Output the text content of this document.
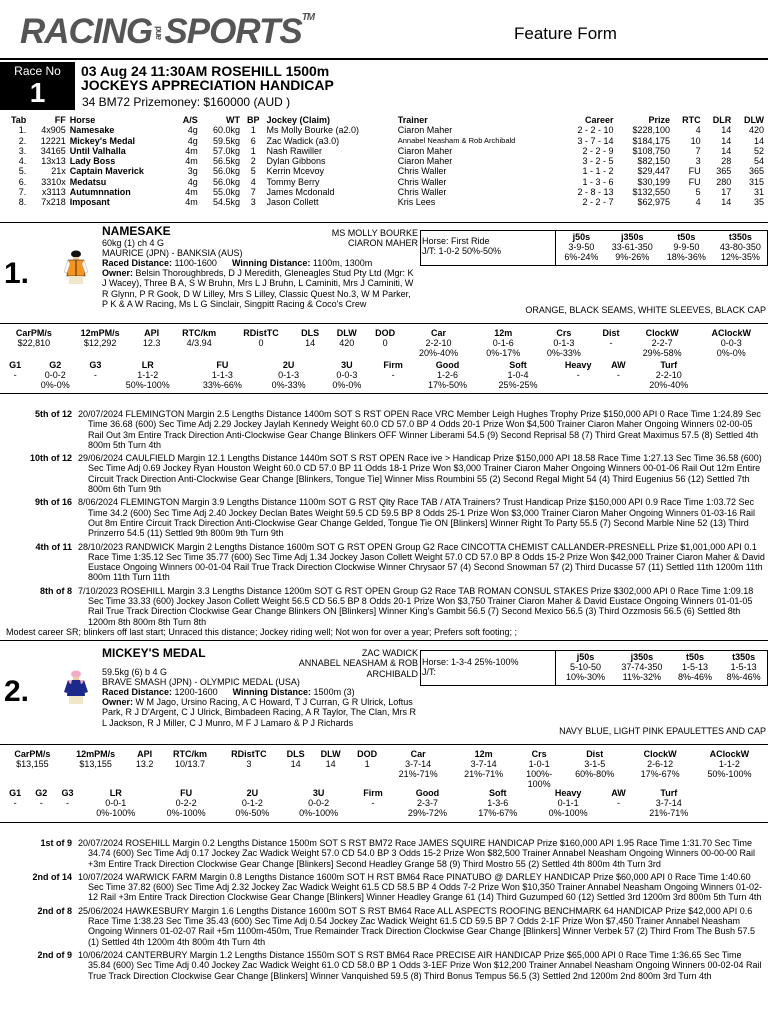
RACINGandSPORTS™
Feature Form
Race No
1
03 Aug 24 11:30AM ROSEHILL 1500m
JOCKEYS APPRECIATION HANDICAP
34 BM72 Prizemoney: $160000 (AUD )
Tab	FF	Horse	A/S	WT	BP	Jockey (Claim)	Trainer	Career	Prize	RTC	DLR	DLW
1.	4x905	Namesake	4g	60.0kg	1	Ms Molly Bourke (a2.0)	Ciaron Maher	2 - 2 - 10	$228,100	4	14	420
2.	12221	Mickey's Medal	4g	59.5kg	6	Zac Wadick (a3.0)	Annabel Neasham & Rob Archibald	3 - 7 - 14	$184,175	10	14	14
3.	34165	Until Valhalla	4m	57.0kg	1	Nash Rawiller	Ciaron Maher	2 - 2 - 9	$108,750	7	14	52
4.	13x13	Lady Boss	4m	56.5kg	2	Dylan Gibbons	Ciaron Maher	3 - 2 - 5	$82,150	3	28	54
5.	21x	Captain Maverick	3g	56.0kg	5	Kerrin Mcevoy	Chris Waller	1 - 1 - 2	$29,447	FU	365	365
6.	3310x	Medatsu	4g	56.0kg	4	Tommy Berry	Chris Waller	1 - 3 - 6	$30,199	FU	280	315
7.	x3113	Autumnnation	4m	55.0kg	7	James Mcdonald	Chris Waller	2 - 8 - 13	$132,550	5	17	31
8.	7x218	Imposant	4m	54.5kg	3	Jason Collett	Kris Lees	2 - 2 - 7	$62,975	4	14	35
1.
NAMESAKE
60kg (1) ch 4 G
MAURICE (JPN) - BANKSIA (AUS)
Raced Distance: 1100-1600 Winning Distance: 1100m, 1300m
Owner: Belsin Thoroughbreds, D J Meredith, Gleneagles Stud Pty Ltd (Mgr: K J Wacey), Three B A, S W Bruhn, Mrs L J Bruhn, L Caminiti, Mrs J Caminiti, W R Glynn, P R Gook, D W Lilley, Mrs S Lilley, Classic Quest No.3, W M Parker, P K & A W Racing, Ms L G Sinclair, Singpitt Racing & Coco's Crew
MS MOLLY BOURKE
CIARON MAHER Horse: First Ride
J/T: 1-0-2 50%-50%
j50s	j350s	t50s	t350s
3-9-50	33-61-350	9-9-50	43-80-350
6%-24%	9%-26%	18%-36%	12%-35%
ORANGE, BLACK SEAMS, WHITE SLEEVES, BLACK CAP
CarPM/s	12mPM/s	API	RTC/km	RDistTC	DLS	DLW	DOD	Car	12m	Crs	Dist	ClockW	AClockW
$22,810	$12,292	12.3	4/3.94	0	14	420	0	2-2-10	0-1-6	0-1-3	-	2-2-7	0-0-3
								20%-40%	0%-17%	0%-33%		29%-58%	0%-0%
G1	G2	G3	LR	FU	2U	3U	Firm	Good	Soft	Heavy	AW	Turf
-	0-0-2	-	1-1-2	1-1-3	0-1-3	0-0-3	-	1-2-6	1-0-4	-	-	2-2-10
	0%-0%		50%-100%	33%-66%	0%-33%	0%-0%		17%-50%	25%-25%			20%-40%
5th of 12 20/07/2024 FLEMINGTON Margin 2.5 Lengths Distance 1400m SOT S RST OPEN Race VRC Member Leigh Hughes Trophy Prize $150,000 API 0 Race Time 1:24.89 Sec Time 36.68 (600) Sec Time Adj 2.29 Jockey Jaylah Kennedy Weight 60.0 CD 57.0 BP 4 Odds 20-1 Prize Won $4,500 Trainer Ciaron Maher Ongoing Winners 02-00-05 Rail Out 3m Entire Track Direction Anti-Clockwise Gear Change Blinkers OFF Winner Liberami 54.5 (9) Second Reprisal 58 (7) Third Great Maximus 57.5 (8) Settled 4th 800m 5th Turn 4th
10th of 12 29/06/2024 CAULFIELD Margin 12.1 Lengths Distance 1440m SOT S RST OPEN Race ive > Handicap Prize $150,000 API 18.58 Race Time 1:27.13 Sec Time 36.58 (600) Sec Time Adj 0.69 Jockey Ryan Houston Weight 60.0 CD 57.0 BP 11 Odds 18-1 Prize Won $3,000 Trainer Ciaron Maher Ongoing Winners 00-01-06 Rail Out 12m Entire Circuit Track Direction Anti-Clockwise Gear Change [Blinkers, Tongue Tie] Winner Miss Roumbini 55 (2) Second Regal Might 54 (4) Third Eugenius 56 (12) Settled 7th 800m 6th Turn 9th
9th of 16 8/06/2024 FLEMINGTON Margin 3.9 Lengths Distance 1100m SOT G RST Qlty Race TAB / ATA Trainers? Trust Handicap Prize $150,000 API 0.9 Race Time 1:03.72 Sec Time 34.2 (600) Sec Time Adj 2.40 Jockey Declan Bates Weight 59.5 CD 59.5 BP 8 Odds 25-1 Prize Won $3,000 Trainer Ciaron Maher Ongoing Winners 01-03-16 Rail Out 8m Entire Circuit Track Direction Anti-Clockwise Gear Change Gelded, Tongue Tie ON [Blinkers] Winner Right To Party 55.5 (7) Second Marble Nine 52 (13) Third Prinzerro 54.5 (11) Settled 9th 800m 9th Turn 9th
4th of 11 28/10/2023 RANDWICK Margin 2 Lengths Distance 1600m SOT G RST OPEN Group G2 Race CINCOTTA CHEMIST CALLANDER-PRESNELL Prize $1,001,000 API 0.1 Race Time 1:35.12 Sec Time 35.77 (600) Sec Time Adj 1.34 Jockey Jason Collett Weight 57.0 CD 57.0 BP 8 Odds 15-2 Prize Won $42,000 Trainer Ciaron Maher & David Eustace Ongoing Winners 00-01-04 Rail True Track Direction Clockwise Winner Chrysaor 57 (4) Second Snowman 57 (2) Third Ducasse 57 (11) Settled 11th 1200m 11th 800m 11th Turn 11th
8th of 8 7/10/2023 ROSEHILL Margin 3.3 Lengths Distance 1200m SOT G RST OPEN Group G2 Race TAB ROMAN CONSUL STAKES Prize $302,000 API 0 Race Time 1:09.18 Sec Time 33.33 (600) Jockey Jason Collett Weight 56.5 CD 56.5 BP 8 Odds 20-1 Prize Won $3,750 Trainer Ciaron Maher & David Eustace Ongoing Winners 01-01-05 Rail True Track Direction Clockwise Gear Change Blinkers ON [Blinkers] Winner King's Gambit 56.5 (7) Second Mexico 56.5 (3) Third Ozzmosis 56.5 (6) Settled 8th 1200m 8th 800m 8th Turn 8th
Modest career SR; blinkers off last start; Unraced this distance; Jockey riding well; Not won for over a year; Prefers soft footing; ;
2.
MICKEY'S MEDAL
59.5kg (6) b 4 G
BRAVE SMASH (JPN) - OLYMPIC MEDAL (USA)
Raced Distance: 1200-1600 Winning Distance: 1500m (3)
Owner: W M Jago, Ursino Racing, A C Howard, T J Curran, G R Ulrick, Loftus Park, R J D'Argent, C J Ulrick, Bimbadeen Racing, A R Taylor, The Clan, Mrs R L Jackson, R J Miller, C J Munro, M F J Lamaro & P J Richards
ZAC WADICK
ANNABEL NEASHAM & ROB ARCHIBALD
Horse: 1-3-4 25%-100%
J/T:
j50s	j350s	t50s	t350s
5-10-50	37-74-350	1-5-13	1-5-13
10%-30%	11%-32%	8%-46%	8%-46%
NAVY BLUE, LIGHT PINK EPAULETTES AND CAP
CarPM/s	12mPM/s	API	RTC/km	RDistTC	DLS	DLW	DOD	Car	12m	Crs	Dist	ClockW	AClockW
$13,155	$13,155	13.2	10/13.7	3	14	14	1	3-7-14	3-7-14	1-0-1	3-1-5	2-6-12	1-1-2
								21%-71%	21%-71%	100%-	60%-80%	17%-67%	50%-100%
										100%			
G1	G2	G3	LR	FU	2U	3U	Firm	Good	Soft	Heavy	AW	Turf
-	-	-	0-0-1	0-2-2	0-1-2	0-0-2	-	2-3-7	1-3-6	0-1-1	-	3-7-14
			0%-100%	0%-100%	0%-50%	0%-100%		29%-72%	17%-67%	0%-100%		21%-71%
1st of 9 20/07/2024 ROSEHILL Margin 0.2 Lengths Distance 1500m SOT S RST BM72 Race JAMES SQUIRE HANDICAP Prize $160,000 API 1.95 Race Time 1:31.70 Sec Time 34.74 (600) Sec Time Adj 0.17 Jockey Zac Wadick Weight 57.0 CD 54.0 BP 3 Odds 15-2 Prize Won $82,500 Trainer Annabel Neasham Ongoing Winners 00-00-00 Rail +3m Entire Track Direction Clockwise Gear Change [Blinkers] Second Headley Grange 58 (9) Third Mostro 55 (2) Settled 4th 800m 4th Turn 3rd
2nd of 14 10/07/2024 WARWICK FARM Margin 0.8 Lengths Distance 1600m SOT H RST BM64 Race PINATUBO @ DARLEY HANDICAP Prize $60,000 API 0 Race Time 1:40.60 Sec Time 37.82 (600) Sec Time Adj 2.32 Jockey Zac Wadick Weight 61.5 CD 58.5 BP 4 Odds 7-2 Prize Won $10,350 Trainer Annabel Neasham Ongoing Winners 01-02-12 Rail +3m Entire Track Direction Clockwise Gear Change [Blinkers] Winner Headley Grange 61 (14) Third Guzumped 60 (12) Settled 3rd 1200m 3rd 800m 5th Turn 4th
2nd of 8 25/06/2024 HAWKESBURY Margin 1.6 Lengths Distance 1600m SOT S RST BM64 Race ALL ASPECTS ROOFING BENCHMARK 64 HANDICAP Prize $42,000 API 0.6 Race Time 1:38.23 Sec Time 35.43 (600) Sec Time Adj 0.54 Jockey Zac Wadick Weight 61.5 CD 59.5 BP 7 Odds 2-1F Prize Won $7,450 Trainer Annabel Neasham Ongoing Winners 01-02-07 Rail +5m 1100m-450m, True Remainder Track Direction Clockwise Gear Change [Blinkers] Winner Verbek 57 (2) Third From The Bush 57.5 (1) Settled 4th 1200m 4th 800m 4th Turn 4th
2nd of 9 10/06/2024 CANTERBURY Margin 1.2 Lengths Distance 1550m SOT S RST BM64 Race PRECISE AIR HANDICAP Prize $65,000 API 0 Race Time 1:36.65 Sec Time 35.84 (600) Sec Time Adj 0.40 Jockey Zac Wadick Weight 61.0 CD 58.0 BP 1 Odds 3-1EF Prize Won $12,200 Trainer Annabel Neasham Ongoing Winners 00-02-04 Rail True Track Direction Clockwise Gear Change [Blinkers] Winner Vanquished 59.5 (8) Third Bonus Tempus 56.5 (3) Settled 2nd 1200m 2nd 800m 3rd Turn 4th
